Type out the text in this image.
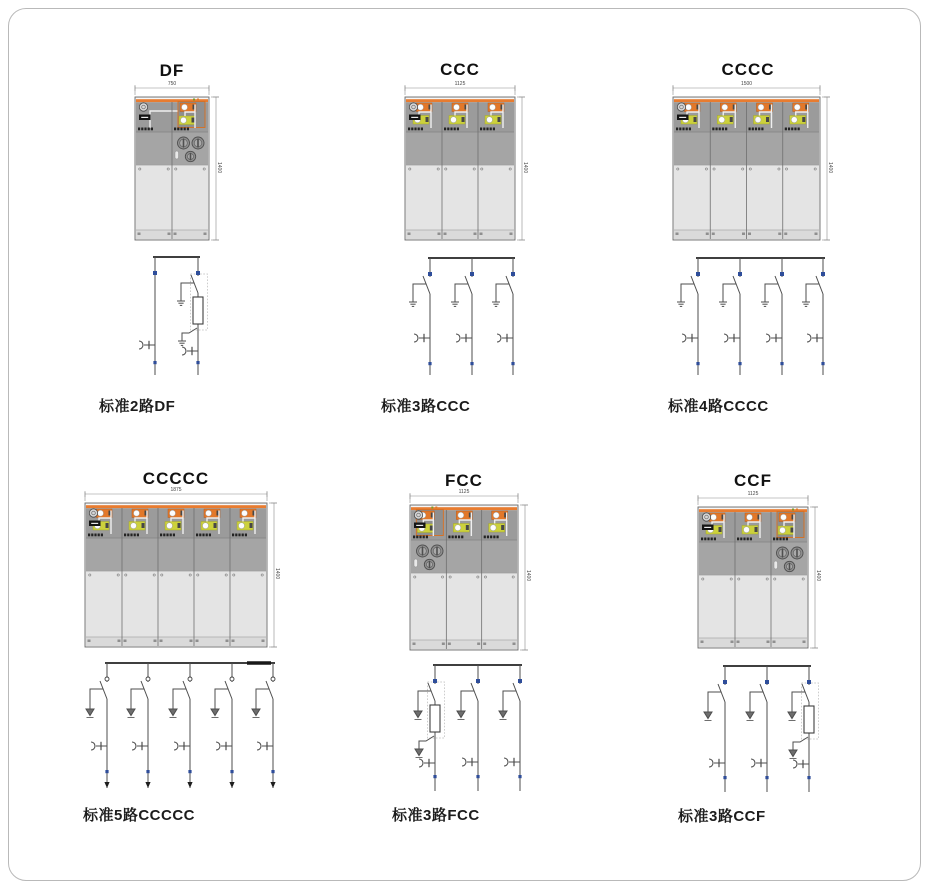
DF	CCC	CCCC
CCCCC	FCC	CCF
标准2路DF	标准3路CCC	标准4路CCCC
标准5路CCCCC	标准3路FCC	标准3路CCF
750	1125	1500
1875	1125	1125
1400	1400	1400
1400	1400	1400
